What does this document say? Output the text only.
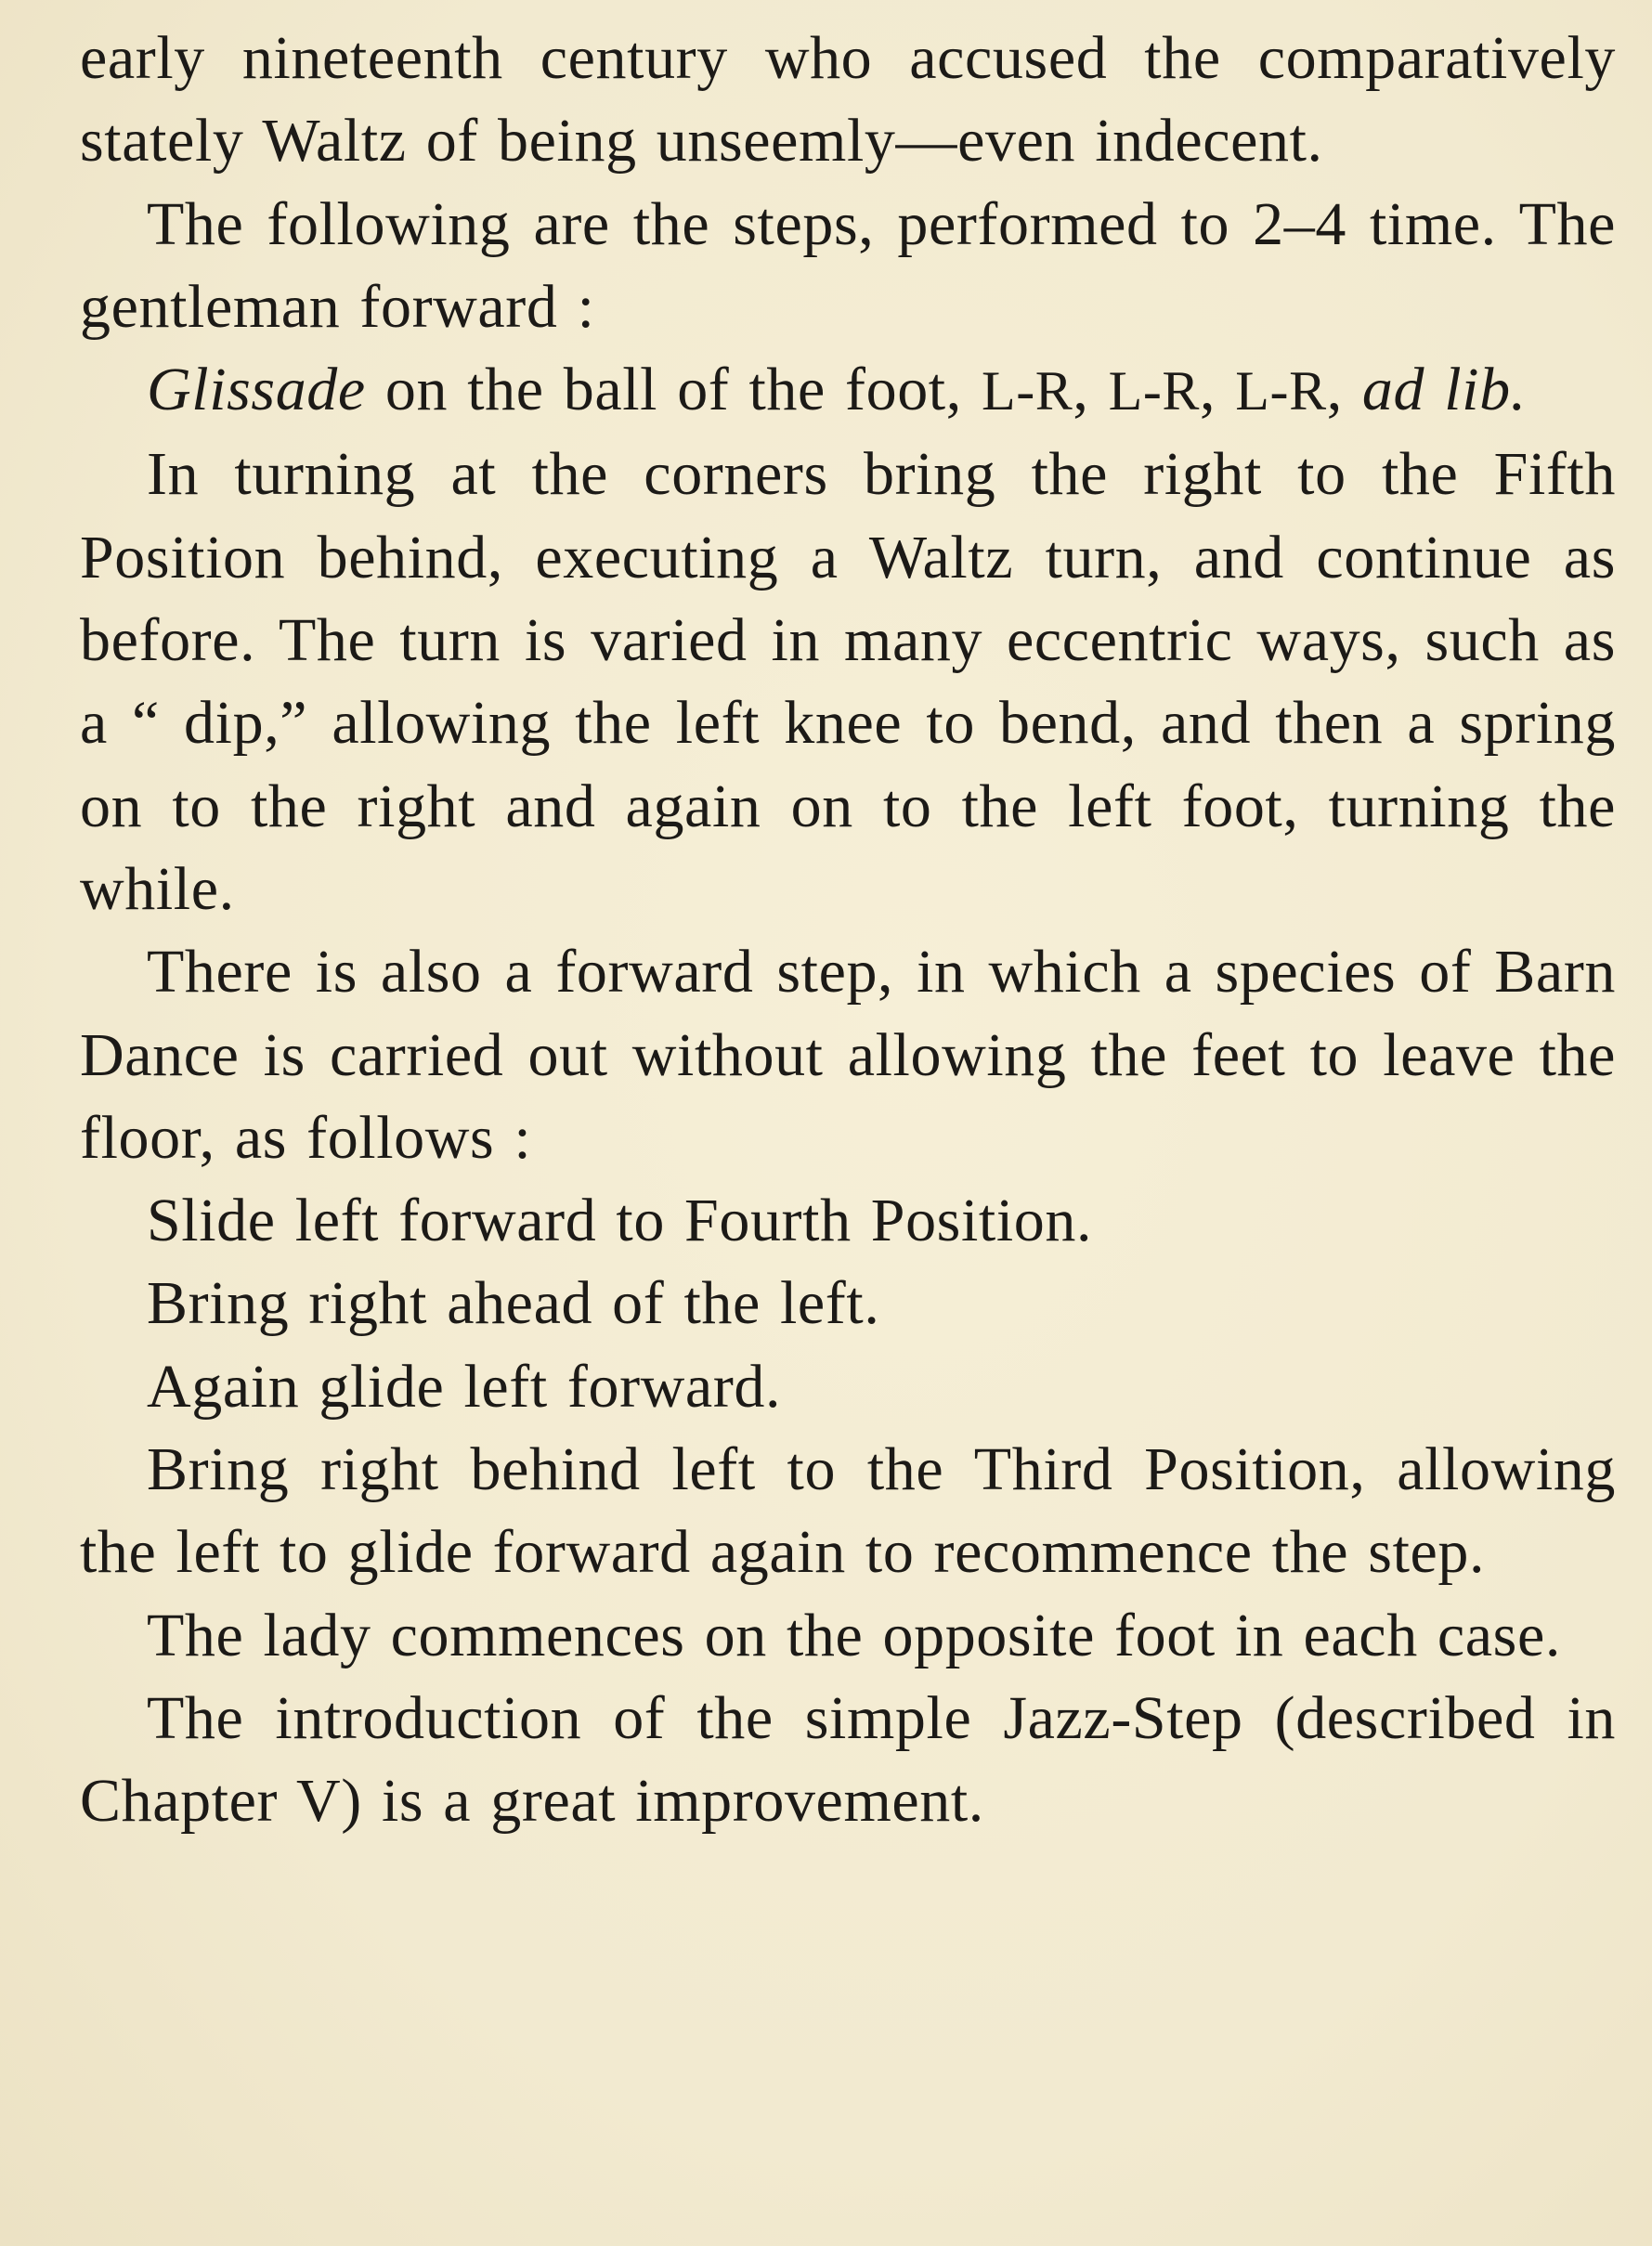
early nineteenth century who accused the comparatively stately Waltz of being unseemly—even indecent.

The following are the steps, performed to 2–4 time. The gentleman forward :

Glissade on the ball of the foot, L-R, L-R, L-R, ad lib.

In turning at the corners bring the right to the Fifth Position behind, executing a Waltz turn, and continue as before. The turn is varied in many eccentric ways, such as a “ dip,” allowing the left knee to bend, and then a spring on to the right and again on to the left foot, turning the while.

There is also a forward step, in which a species of Barn Dance is carried out without allowing the feet to leave the floor, as follows :

Slide left forward to Fourth Position.

Bring right ahead of the left.

Again glide left forward.

Bring right behind left to the Third Position, allowing the left to glide forward again to recommence the step.

The lady commences on the opposite foot in each case.

The introduction of the simple Jazz-Step (described in Chapter V) is a great improvement.
